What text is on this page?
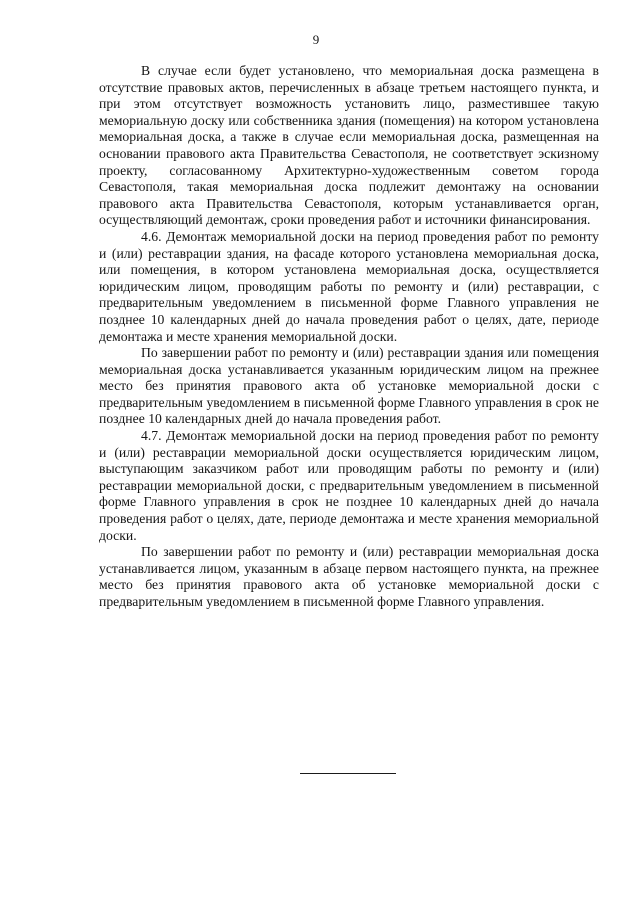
9

В случае если будет установлено, что мемориальная доска размещена в отсутствие правовых актов, перечисленных в абзаце третьем настоящего пункта, и при этом отсутствует возможность установить лицо, разместившее такую мемориальную доску или собственника здания (помещения) на котором установлена мемориальная доска, а также в случае если мемориальная доска, размещенная на основании правового акта Правительства Севастополя, не соответствует эскизному проекту, согласованному Архитектурно-художественным советом города Севастополя, такая мемориальная доска подлежит демонтажу на основании правового акта Правительства Севастополя, которым устанавливается орган, осуществляющий демонтаж, сроки проведения работ и источники финансирования.

4.6. Демонтаж мемориальной доски на период проведения работ по ремонту и (или) реставрации здания, на фасаде которого установлена мемориальная доска, или помещения, в котором установлена мемориальная доска, осуществляется юридическим лицом, проводящим работы по ремонту и (или) реставрации, с предварительным уведомлением в письменной форме Главного управления не позднее 10 календарных дней до начала проведения работ о целях, дате, периоде демонтажа и месте хранения мемориальной доски.

По завершении работ по ремонту и (или) реставрации здания или помещения мемориальная доска устанавливается указанным юридическим лицом на прежнее место без принятия правового акта об установке мемориальной доски с предварительным уведомлением в письменной форме Главного управления в срок не позднее 10 календарных дней до начала проведения работ.

4.7. Демонтаж мемориальной доски на период проведения работ по ремонту и (или) реставрации мемориальной доски осуществляется юридическим лицом, выступающим заказчиком работ или проводящим работы по ремонту и (или) реставрации мемориальной доски, с предварительным уведомлением в письменной форме Главного управления в срок не позднее 10 календарных дней до начала проведения работ о целях, дате, периоде демонтажа и месте хранения мемориальной доски.

По завершении работ по ремонту и (или) реставрации мемориальная доска устанавливается лицом, указанным в абзаце первом настоящего пункта, на прежнее место без принятия правового акта об установке мемориальной доски с предварительным уведомлением в письменной форме Главного управления.
